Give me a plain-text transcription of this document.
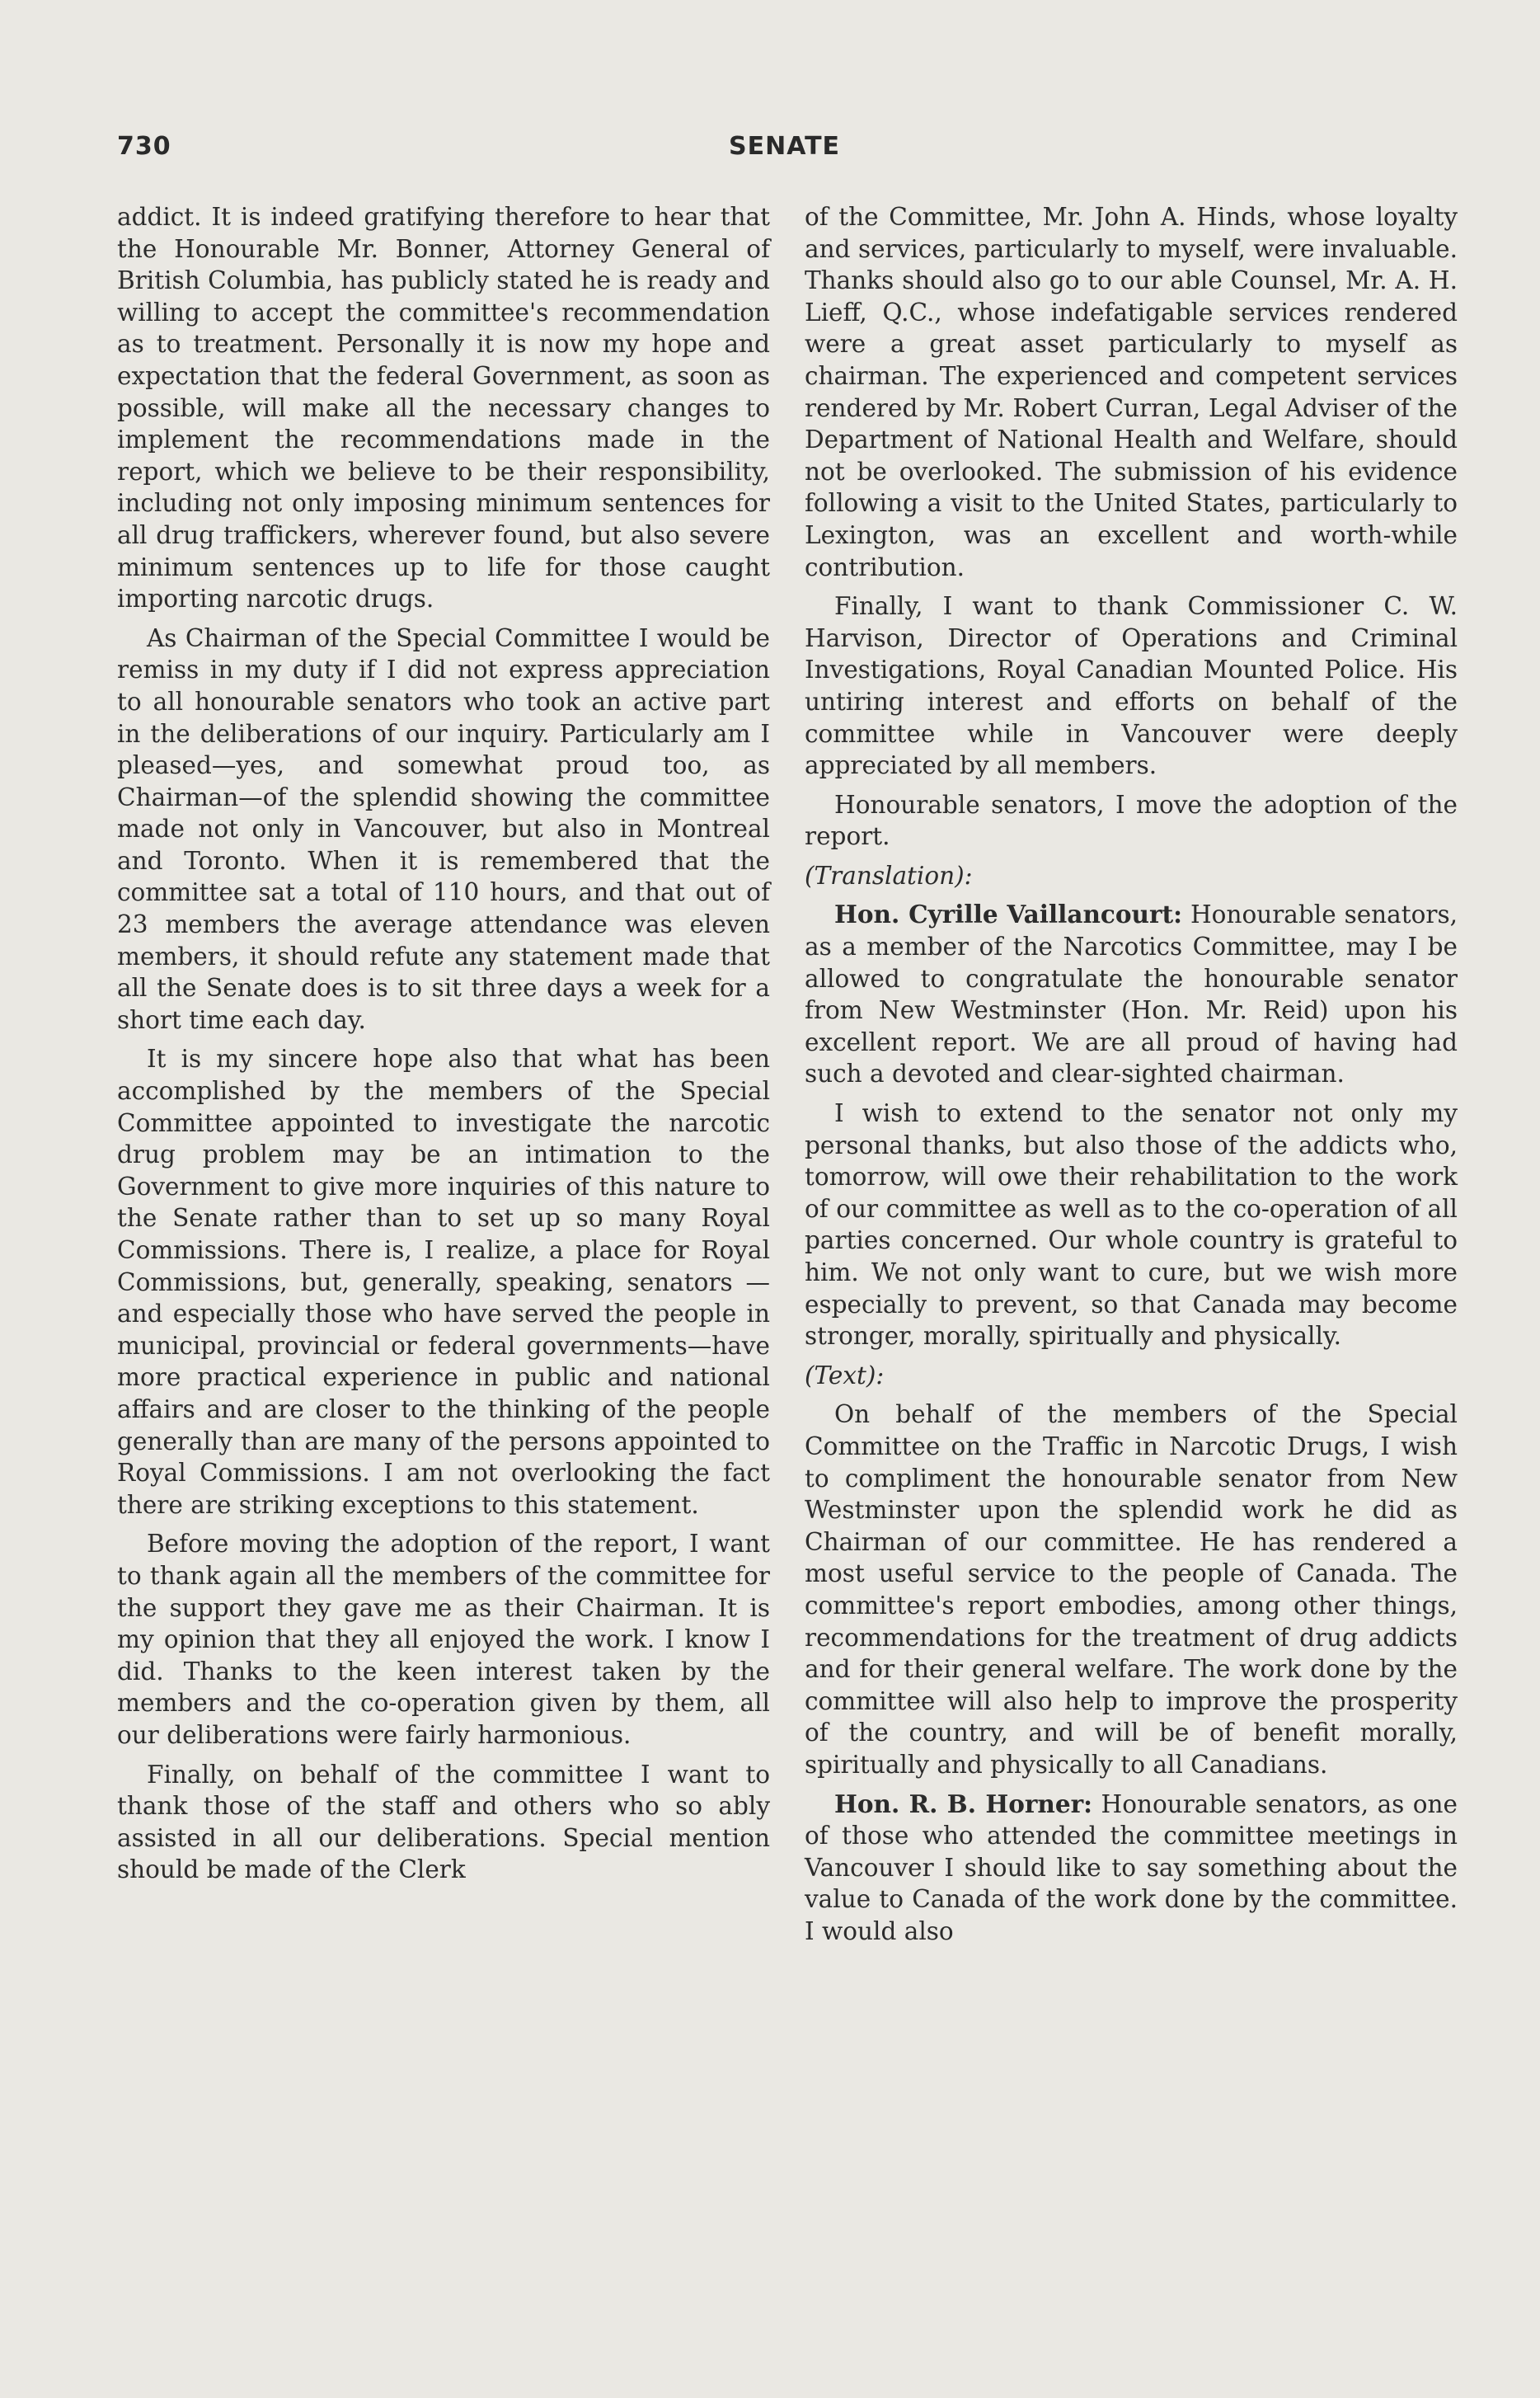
730	SENATE

addict. It is indeed gratifying therefore to hear that the Honourable Mr. Bonner, Attorney General of British Columbia, has publicly stated he is ready and willing to accept the committee's recommendation as to treatment. Personally it is now my hope and expectation that the federal Government, as soon as possible, will make all the necessary changes to implement the recommendations made in the report, which we believe to be their responsibility, including not only imposing minimum sentences for all drug traffickers, wherever found, but also severe minimum sentences up to life for those caught importing narcotic drugs.

As Chairman of the Special Committee I would be remiss in my duty if I did not express appreciation to all honourable senators who took an active part in the deliberations of our inquiry. Particularly am I pleased—yes, and somewhat proud too, as Chairman—of the splendid showing the committee made not only in Vancouver, but also in Montreal and Toronto. When it is remembered that the committee sat a total of 110 hours, and that out of 23 members the average attendance was eleven members, it should refute any statement made that all the Senate does is to sit three days a week for a short time each day.

It is my sincere hope also that what has been accomplished by the members of the Special Committee appointed to investigate the narcotic drug problem may be an intimation to the Government to give more inquiries of this nature to the Senate rather than to set up so many Royal Commissions. There is, I realize, a place for Royal Commissions, but, generally, speaking, senators —and especially those who have served the people in municipal, provincial or federal governments—have more practical experience in public and national affairs and are closer to the thinking of the people generally than are many of the persons appointed to Royal Commissions. I am not overlooking the fact there are striking exceptions to this statement.

Before moving the adoption of the report, I want to thank again all the members of the committee for the support they gave me as their Chairman. It is my opinion that they all enjoyed the work. I know I did. Thanks to the keen interest taken by the members and the co-operation given by them, all our deliberations were fairly harmonious.

Finally, on behalf of the committee I want to thank those of the staff and others who so ably assisted in all our deliberations. Special mention should be made of the Clerk

of the Committee, Mr. John A. Hinds, whose loyalty and services, particularly to myself, were invaluable. Thanks should also go to our able Counsel, Mr. A. H. Lieff, Q.C., whose indefatigable services rendered were a great asset particularly to myself as chairman. The experienced and competent services rendered by Mr. Robert Curran, Legal Adviser of the Department of National Health and Welfare, should not be overlooked. The submission of his evidence following a visit to the United States, particularly to Lexington, was an excellent and worth-while contribution.

Finally, I want to thank Commissioner C. W. Harvison, Director of Operations and Criminal Investigations, Royal Canadian Mounted Police. His untiring interest and efforts on behalf of the committee while in Vancouver were deeply appreciated by all members.

Honourable senators, I move the adoption of the report.

(Translation):

Hon. Cyrille Vaillancourt: Honourable senators, as a member of the Narcotics Committee, may I be allowed to congratulate the honourable senator from New Westminster (Hon. Mr. Reid) upon his excellent report. We are all proud of having had such a devoted and clear-sighted chairman.

I wish to extend to the senator not only my personal thanks, but also those of the addicts who, tomorrow, will owe their rehabilitation to the work of our committee as well as to the co-operation of all parties concerned. Our whole country is grateful to him. We not only want to cure, but we wish more especially to prevent, so that Canada may become stronger, morally, spiritually and physically.

(Text):

On behalf of the members of the Special Committee on the Traffic in Narcotic Drugs, I wish to compliment the honourable senator from New Westminster upon the splendid work he did as Chairman of our committee. He has rendered a most useful service to the people of Canada. The committee's report embodies, among other things, recommendations for the treatment of drug addicts and for their general welfare. The work done by the committee will also help to improve the prosperity of the country, and will be of benefit morally, spiritually and physically to all Canadians.

Hon. R. B. Horner: Honourable senators, as one of those who attended the committee meetings in Vancouver I should like to say something about the value to Canada of the work done by the committee. I would also
